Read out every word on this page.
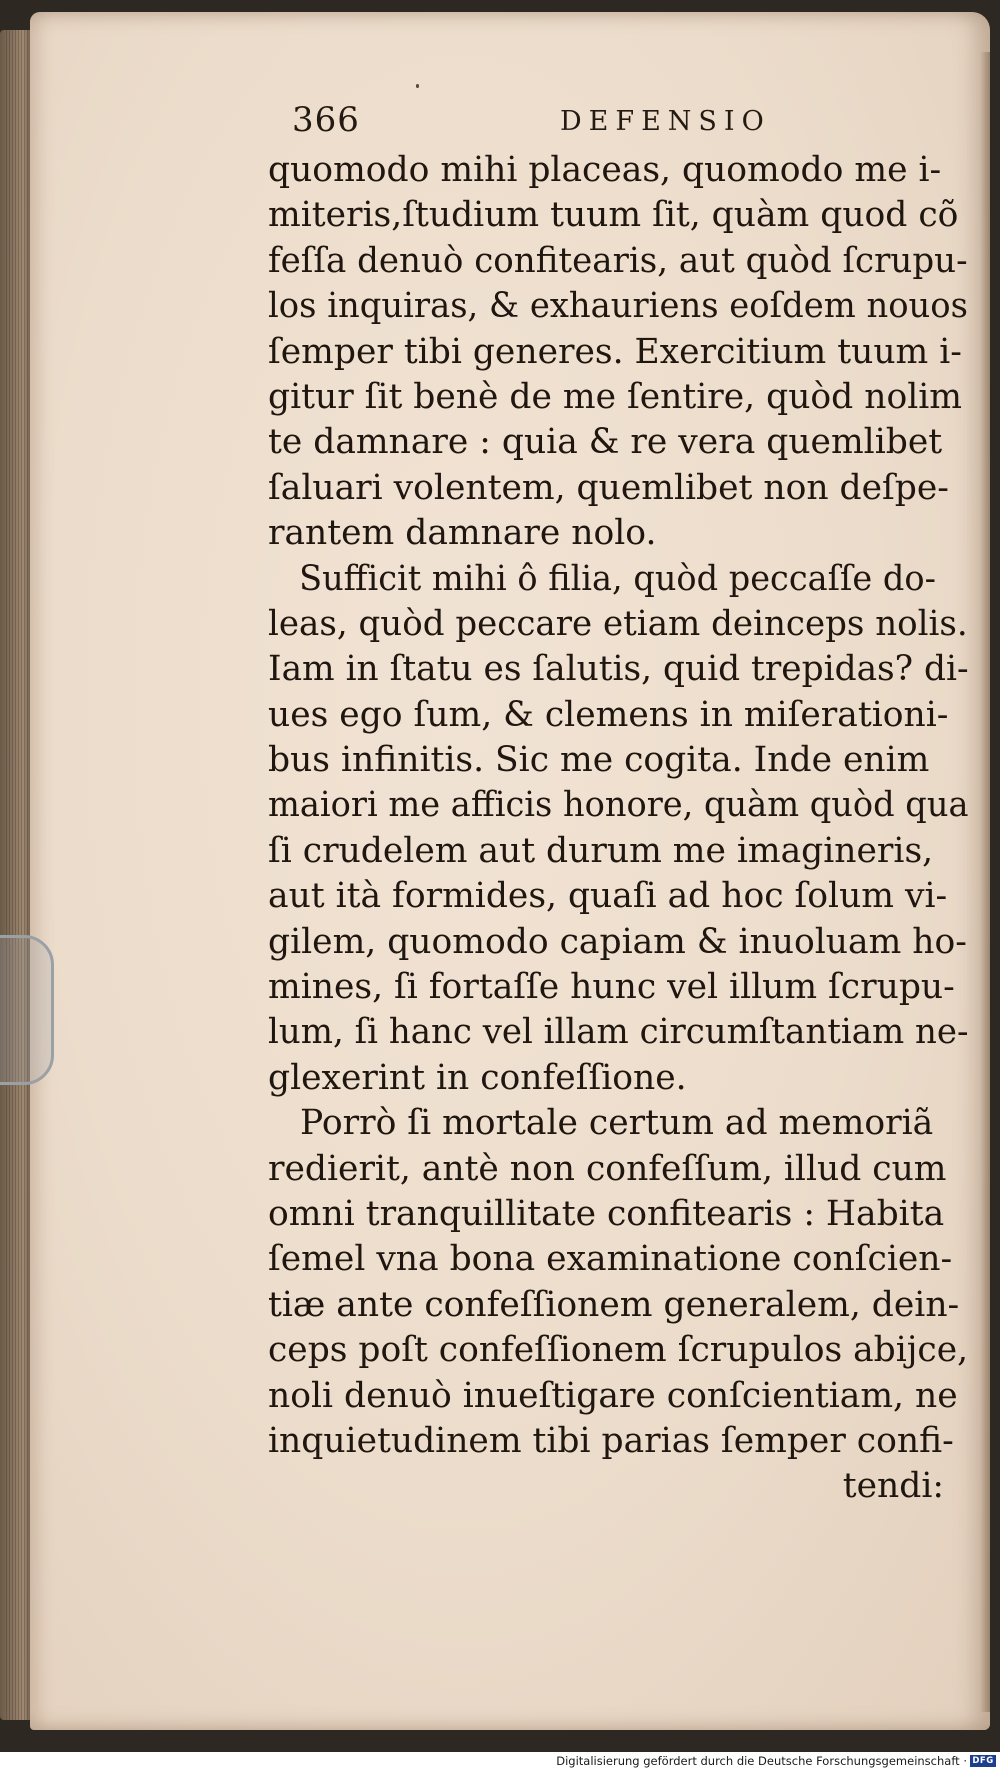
366	DEFENSIO
quomodo mihi placeas, quomodo me i-
miteris,ſtudium tuum ſit, quàm quod cõ
feſſa denuò confitearis, aut quòd ſcrupu-
los inquiras, & exhauriens eoſdem nouos
ſemper tibi generes. Exercitium tuum i-
gitur ſit benè de me ſentire, quòd nolim
te damnare : quia & re vera quemlibet
ſaluari volentem, quemlibet non deſpe-
rantem damnare nolo.
Sufficit mihi ô filia, quòd peccaſſe do-
leas, quòd peccare etiam deinceps nolis.
Iam in ſtatu es ſalutis, quid trepidas? di-
ues ego ſum, & clemens in miſerationi-
bus infinitis. Sic me cogita. Inde enim
maiori me afficis honore, quàm quòd qua
ſi crudelem aut durum me imagineris,
aut ità formides, quaſi ad hoc ſolum vi-
gilem, quomodo capiam & inuoluam ho-
mines, ſi fortaſſe hunc vel illum ſcrupu-
lum, ſi hanc vel illam circumſtantiam ne-
glexerint in confeſſione.
Porrò ſi mortale certum ad memoriã
redierit, antè non confeſſum, illud cum
omni tranquillitate confitearis : Habita
ſemel vna bona examinatione conſcien-
tiæ ante confeſſionem generalem, dein-
ceps poſt confeſſionem ſcrupulos abijce,
noli denuò inueſtigare conſcientiam, ne
inquietudinem tibi parias ſemper confi-
tendi:
Digitalisierung gefördert durch die Deutsche Forschungsgemeinschaft · DFG
